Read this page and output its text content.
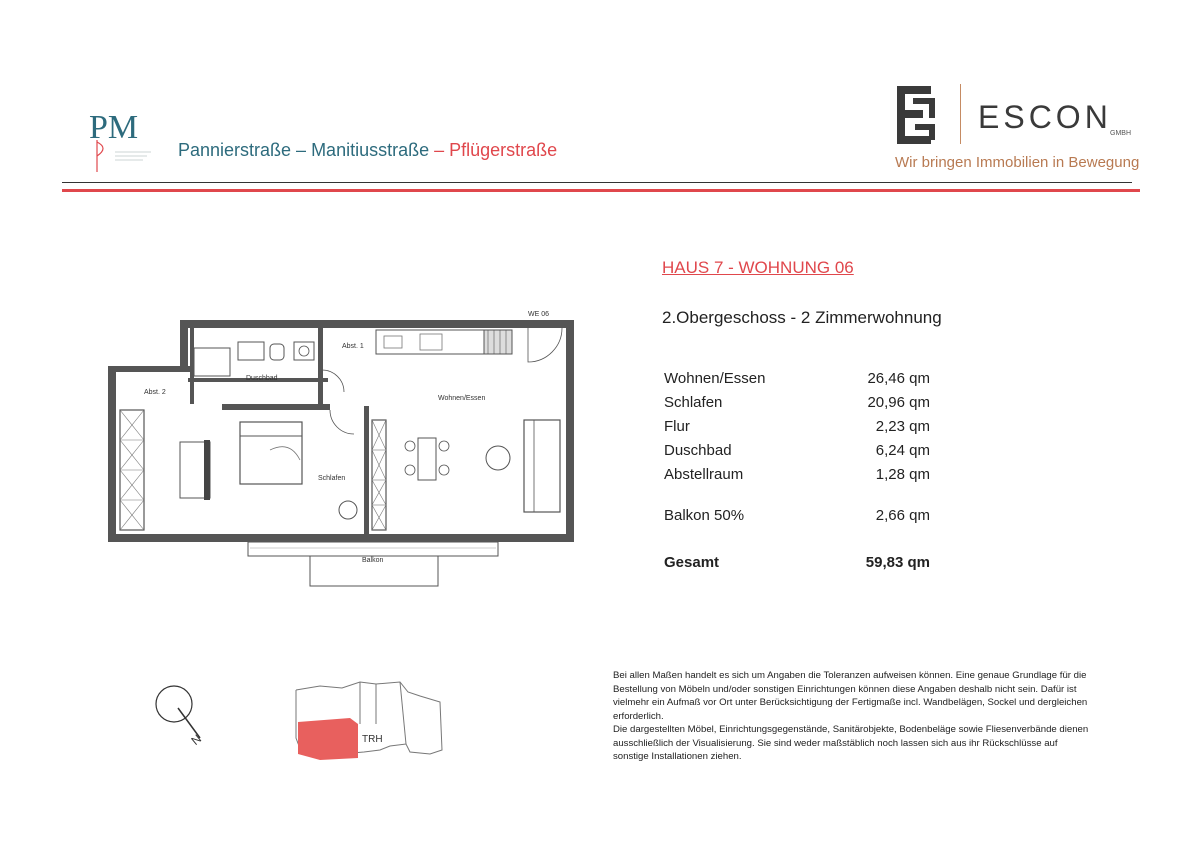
PM
Pannierstraße – Manitiusstraße – Pflügerstraße
ESCON
GMBH
Wir bringen Immobilien in Bewegung
WE 06
Abst. 1
Abst. 2
Duschbad
Wohnen/Essen
Schlafen
Balkon
HAUS 7 - WOHNUNG 06
2.Obergeschoss - 2 Zimmerwohnung
Wohnen/Essen	26,46 qm
Schlafen	20,96 qm
Flur	2,23 qm
Duschbad	6,24 qm
Abstellraum	1,28 qm
Balkon 50%	2,66 qm
Gesamt	59,83 qm
N	TRH

Bei allen Maßen handelt es sich um Angaben die Toleranzen aufweisen können. Eine genaue Grundlage für die Bestellung von Möbeln und/oder sonstigen Einrichtungen können diese Angaben deshalb nicht sein. Dafür ist vielmehr ein Aufmaß vor Ort unter Berücksichtigung der Fertigmaße incl. Wandbelägen, Sockel und dergleichen erforderlich.

Die dargestellten Möbel, Einrichtungsgegenstände, Sanitärobjekte, Bodenbeläge sowie Fliesenverbände dienen ausschließlich der Visualisierung. Sie sind weder maßstäblich noch lassen sich aus ihr Rückschlüsse auf sonstige Installationen ziehen.
